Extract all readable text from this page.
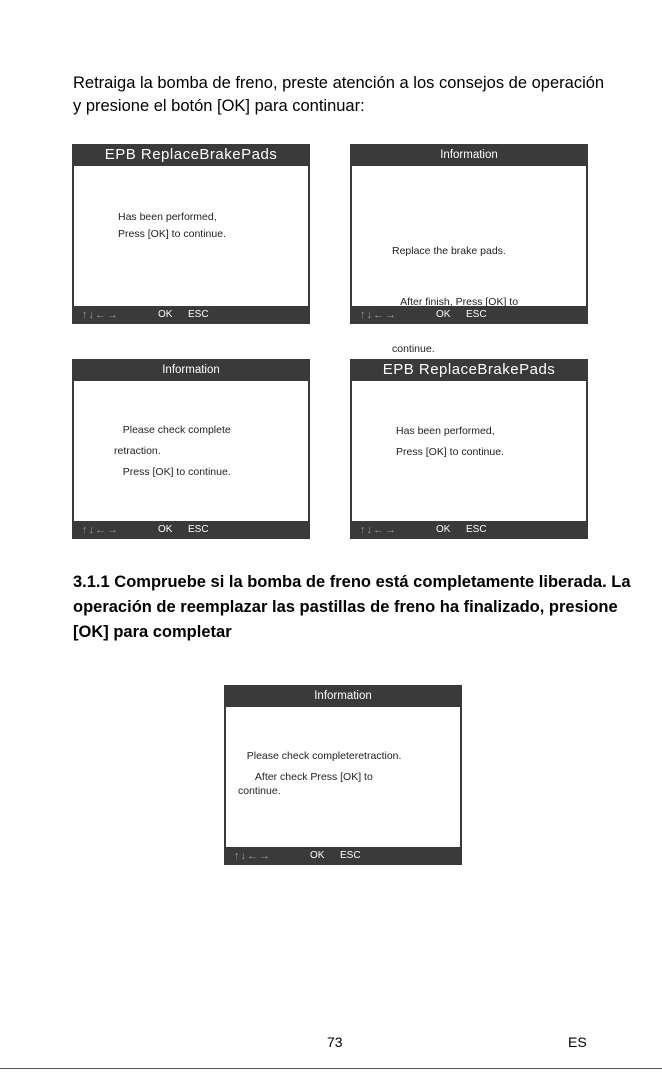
Retraiga la bomba de freno, preste atención a los consejos de operación y presione el botón [OK] para continuar:

EPB ReplaceBrakePads
Has been performed,
Press [OK] to continue.
↑↓←→	OK ESC
Information

Replace the brake pads.

After finish, Press [OK] to

continue.

↑↓←→	OK ESC
Information
Please check complete
retraction.
Press [OK] to continue.
↑↓←→	OK ESC
EPB ReplaceBrakePads
Has been performed,
Press [OK] to continue.
↑↓←→	OK ESC

3.1.1 Compruebe si la bomba de freno está completamente liberada. La operación de reemplazar las pastillas de freno ha finalizado, presione [OK] para completar

Information
Please check completeretraction.
After check Press [OK] to
continue.
↑↓←→	OK ESC
73	ES
